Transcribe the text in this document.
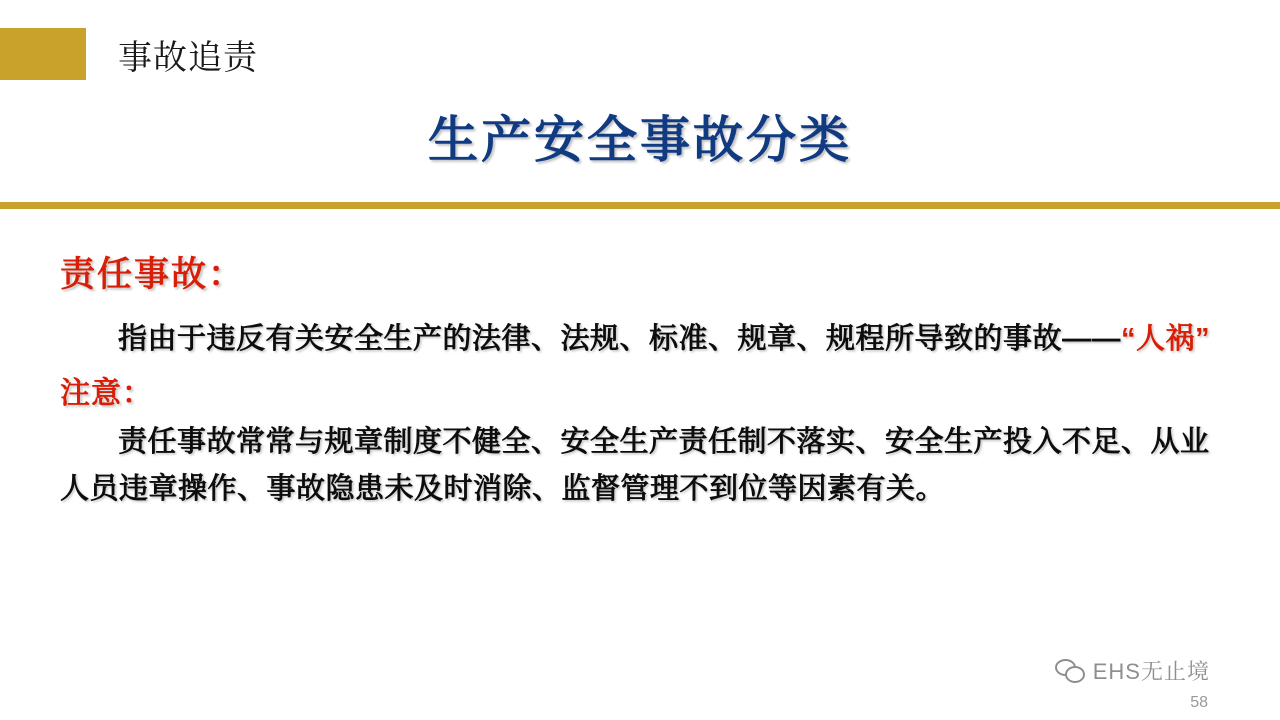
事故追责
生产安全事故分类

责任事故：

指由于违反有关安全生产的法律、法规、标准、规章、规程所导致的事故——“人祸”

注意：

责任事故常常与规章制度不健全、安全生产责任制不落实、安全生产投入不足、从业人员违章操作、事故隐患未及时消除、监督管理不到位等因素有关。

EHS无止境
58
